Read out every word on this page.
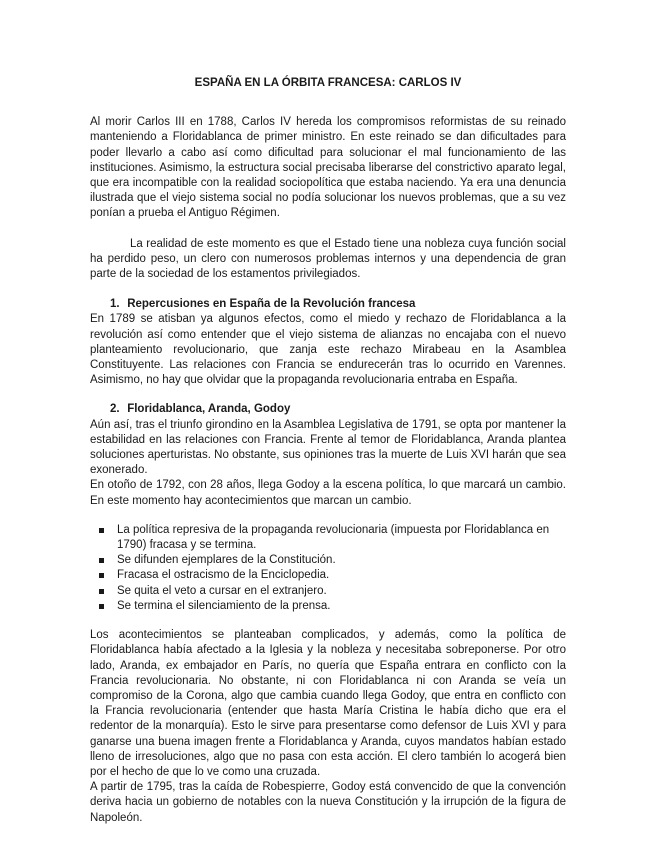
ESPAÑA EN LA ÓRBITA FRANCESA: CARLOS IV

Al morir Carlos III en 1788, Carlos IV hereda los compromisos reformistas de su reinado manteniendo a Floridablanca de primer ministro. En este reinado se dan dificultades para poder llevarlo a cabo así como dificultad para solucionar el mal funcionamiento de las instituciones. Asimismo, la estructura social precisaba liberarse del constrictivo aparato legal, que era incompatible con la realidad sociopolítica que estaba naciendo. Ya era una denuncia ilustrada que el viejo sistema social no podía solucionar los nuevos problemas, que a su vez ponían a prueba el Antiguo Régimen.

La realidad de este momento es que el Estado tiene una nobleza cuya función social ha perdido peso, un clero con numerosos problemas internos y una dependencia de gran parte de la sociedad de los estamentos privilegiados.

1. Repercusiones en España de la Revolución francesa

En 1789 se atisban ya algunos efectos, como el miedo y rechazo de Floridablanca a la revolución así como entender que el viejo sistema de alianzas no encajaba con el nuevo planteamiento revolucionario, que zanja este rechazo Mirabeau en la Asamblea Constituyente. Las relaciones con Francia se endurecerán tras lo ocurrido en Varennes. Asimismo, no hay que olvidar que la propaganda revolucionaria entraba en España.

2. Floridablanca, Aranda, Godoy

Aún así, tras el triunfo girondino en la Asamblea Legislativa de 1791, se opta por mantener la estabilidad en las relaciones con Francia. Frente al temor de Floridablanca, Aranda plantea soluciones aperturistas. No obstante, sus opiniones tras la muerte de Luis XVI harán que sea exonerado.

En otoño de 1792, con 28 años, llega Godoy a la escena política, lo que marcará un cambio. En este momento hay acontecimientos que marcan un cambio.

La política represiva de la propaganda revolucionaria (impuesta por Floridablanca en 1790) fracasa y se termina.
Se difunden ejemplares de la Constitución.
Fracasa el ostracismo de la Enciclopedia.
Se quita el veto a cursar en el extranjero.
Se termina el silenciamiento de la prensa.

Los acontecimientos se planteaban complicados, y además, como la política de Floridablanca había afectado a la Iglesia y la nobleza y necesitaba sobreponerse. Por otro lado, Aranda, ex embajador en París, no quería que España entrara en conflicto con la Francia revolucionaria. No obstante, ni con Floridablanca ni con Aranda se veía un compromiso de la Corona, algo que cambia cuando llega Godoy, que entra en conflicto con la Francia revolucionaria (entender que hasta María Cristina le había dicho que era el redentor de la monarquía). Esto le sirve para presentarse como defensor de Luis XVI y para ganarse una buena imagen frente a Floridablanca y Aranda, cuyos mandatos habían estado lleno de irresoluciones, algo que no pasa con esta acción. El clero también lo acogerá bien por el hecho de que lo ve como una cruzada.

A partir de 1795, tras la caída de Robespierre, Godoy está convencido de que la convención deriva hacia un gobierno de notables con la nueva Constitución y la irrupción de la figura de Napoleón.
